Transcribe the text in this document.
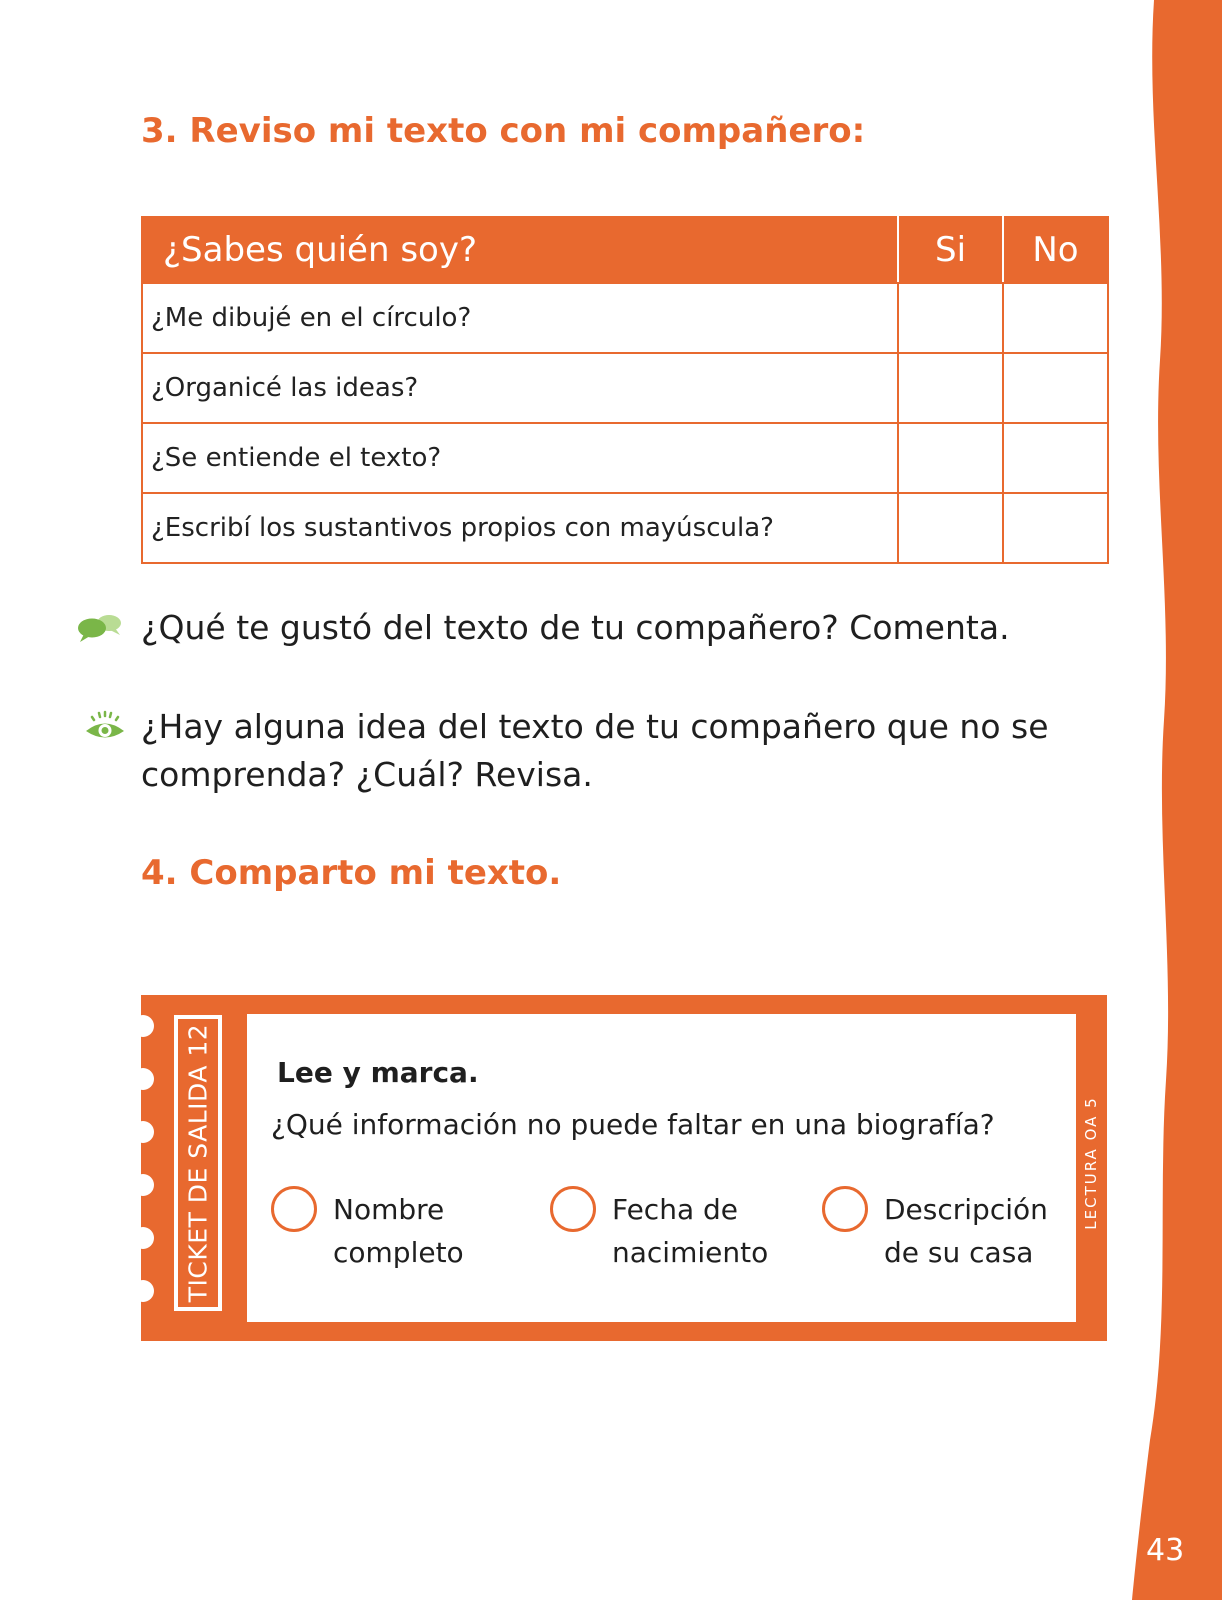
3. Reviso mi texto con mi compañero:
¿Sabes quién soy?	Si	No
¿Me dibujé en el círculo?		
¿Organicé las ideas?		
¿Se entiende el texto?		
¿Escribí los sustantivos propios con mayúscula?		

¿Qué te gustó del texto de tu compañero? Comenta.

¿Hay alguna idea del texto de tu compañero que no se comprenda? ¿Cuál? Revisa.

4. Comparto mi texto.
TICKET DE SALIDA 12 Lee y marca.

¿Qué información no puede faltar en una biografía?

Nombre
completo
Fecha de
nacimiento
Descripción
de su casa
LECTURA OA 5
43
